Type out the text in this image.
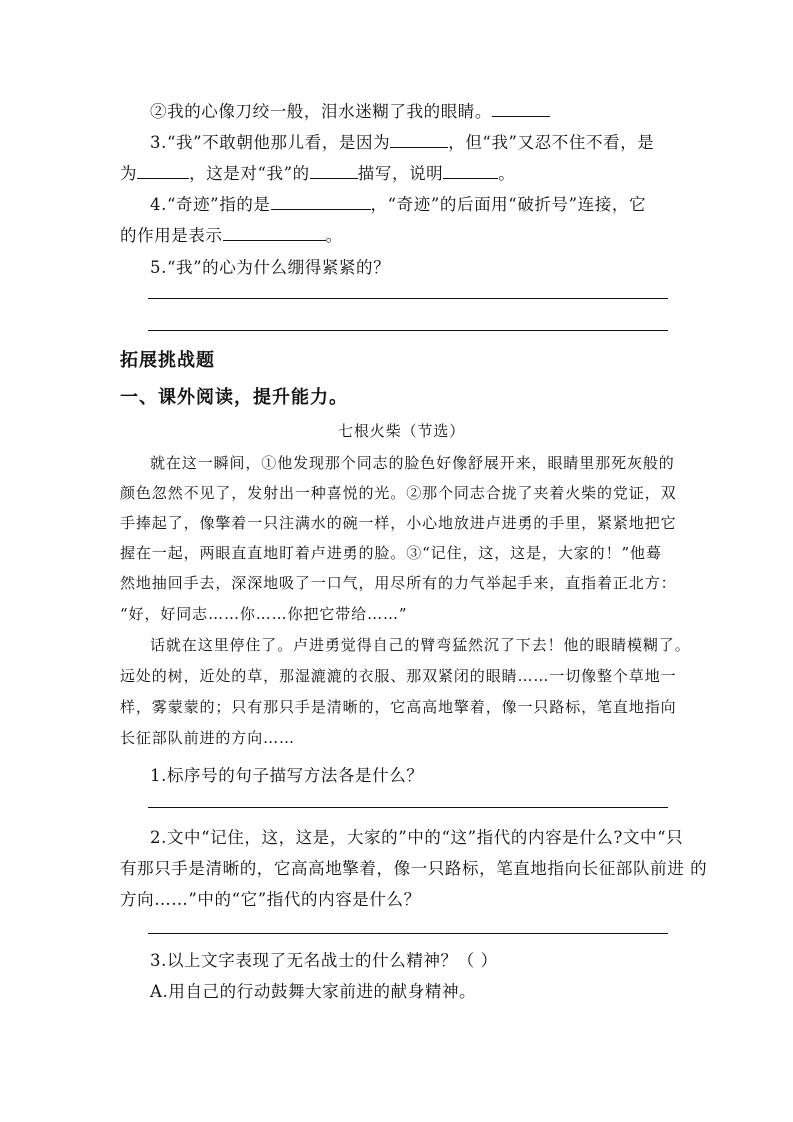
②我的心像刀绞一般，泪水迷糊了我的眼睛。
3.“我”不敢朝他那儿看，是因为	，但“我”又忍不住不看，是
为	，这是对“我”的	描写，说明	。
4.“奇迹”指的是	，“奇迹”的后面用“破折号”连接，它
的作用是表示	。
5.“我”的心为什么绷得紧紧的？
拓展挑战题
一、课外阅读，提升能力。
七根火柴（节选）
就在这一瞬间，①他发现那个同志的脸色好像舒展开来，眼睛里那死灰般的
颜色忽然不见了，发射出一种喜悦的光。②那个同志合拢了夹着火柴的党证，双
手捧起了，像擎着一只注满水的碗一样，小心地放进卢进勇的手里，紧紧地把它
握在一起，两眼直直地盯着卢进勇的脸。③“记住，这，这是，大家的！”他蓦
然地抽回手去，深深地吸了一口气，用尽所有的力气举起手来，直指着正北方：
“好，好同志……你……你把它带给……”
话就在这里停住了。卢进勇觉得自己的臂弯猛然沉了下去！他的眼睛模糊了。
远处的树，近处的草，那湿漉漉的衣服、那双紧闭的眼睛……一切像整个草地一
样，雾蒙蒙的；只有那只手是清晰的，它高高地擎着，像一只路标，笔直地指向
长征部队前进的方向……
1.标序号的句子描写方法各是什么？
2.文中“记住，这，这是，大家的”中的“这”指代的内容是什么?文中“只
有那只手是清晰的，它高高地擎着，像一只路标，笔直地指向长征部队前进 的
方向……”中的“它”指代的内容是什么？
3.以上文字表现了无名战士的什么精神？（ ）
A.用自己的行动鼓舞大家前进的献身精神。
